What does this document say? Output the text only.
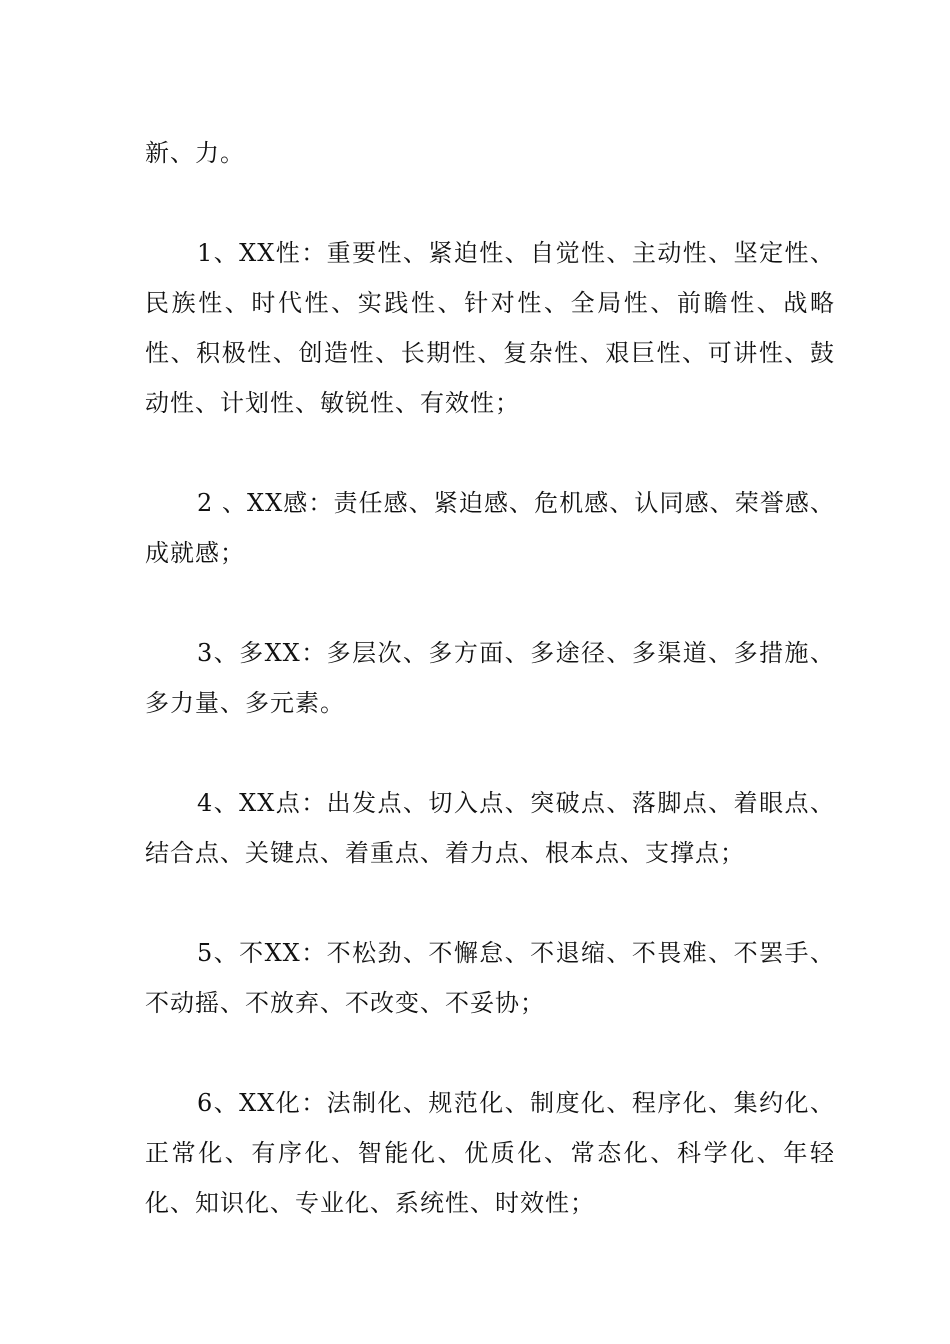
新、力。

1、XX性：重要性、紧迫性、自觉性、主动性、坚定性、民族性、时代性、实践性、针对性、全局性、前瞻性、战略性、积极性、创造性、长期性、复杂性、艰巨性、可讲性、鼓动性、计划性、敏锐性、有效性；

2 、XX感：责任感、紧迫感、危机感、认同感、荣誉感、成就感；

3、多XX：多层次、多方面、多途径、多渠道、多措施、多力量、多元素。

4、XX点：出发点、切入点、突破点、落脚点、着眼点、结合点、关键点、着重点、着力点、根本点、支撑点；

5、不XX：不松劲、不懈怠、不退缩、不畏难、不罢手、不动摇、不放弃、不改变、不妥协；

6、XX化：法制化、规范化、制度化、程序化、集约化、正常化、有序化、智能化、优质化、常态化、科学化、年轻化、知识化、专业化、系统性、时效性；
